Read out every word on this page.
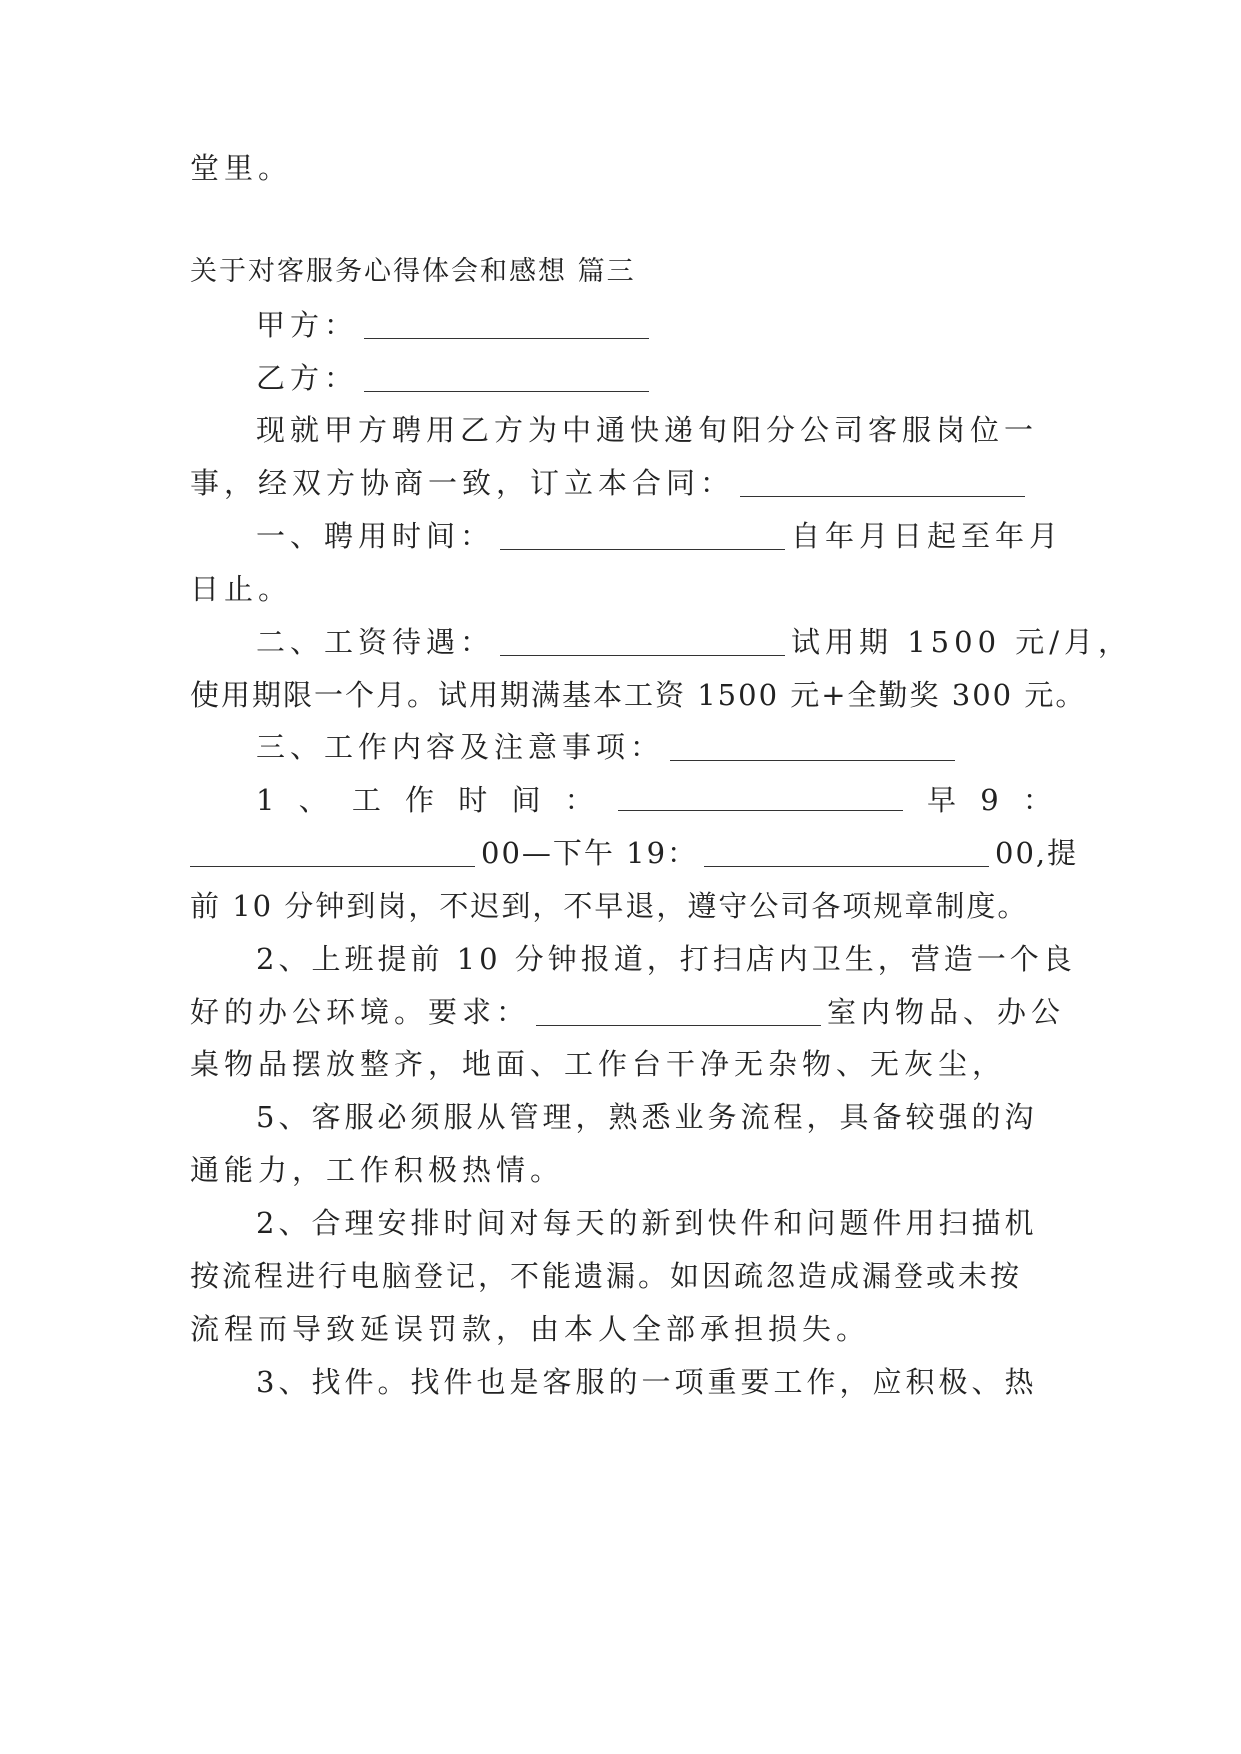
堂里。
关于对客服务心得体会和感想 篇三
甲方：
乙方：
现就甲方聘用乙方为中通快递旬阳分公司客服岗位一
事，经双方协商一致，订立本合同：
一、聘用时间：	自年月日起至年月
日止。
二、工资待遇：	试用期 1500 元/月，
使用期限一个月。试用期满基本工资 1500 元+全勤奖 300 元。
三、工作内容及注意事项：
1 、 工 作 时 间 ：	早 9 ：
00—下午 19：	00,提
前 10 分钟到岗，不迟到，不早退，遵守公司各项规章制度。
2、上班提前 10 分钟报道，打扫店内卫生，营造一个良
好的办公环境。要求：	室内物品、办公
桌物品摆放整齐，地面、工作台干净无杂物、无灰尘，
5、客服必须服从管理，熟悉业务流程，具备较强的沟
通能力，工作积极热情。
2、合理安排时间对每天的新到快件和问题件用扫描机
按流程进行电脑登记，不能遗漏。如因疏忽造成漏登或未按
流程而导致延误罚款，由本人全部承担损失。
3、找件。找件也是客服的一项重要工作，应积极、热
